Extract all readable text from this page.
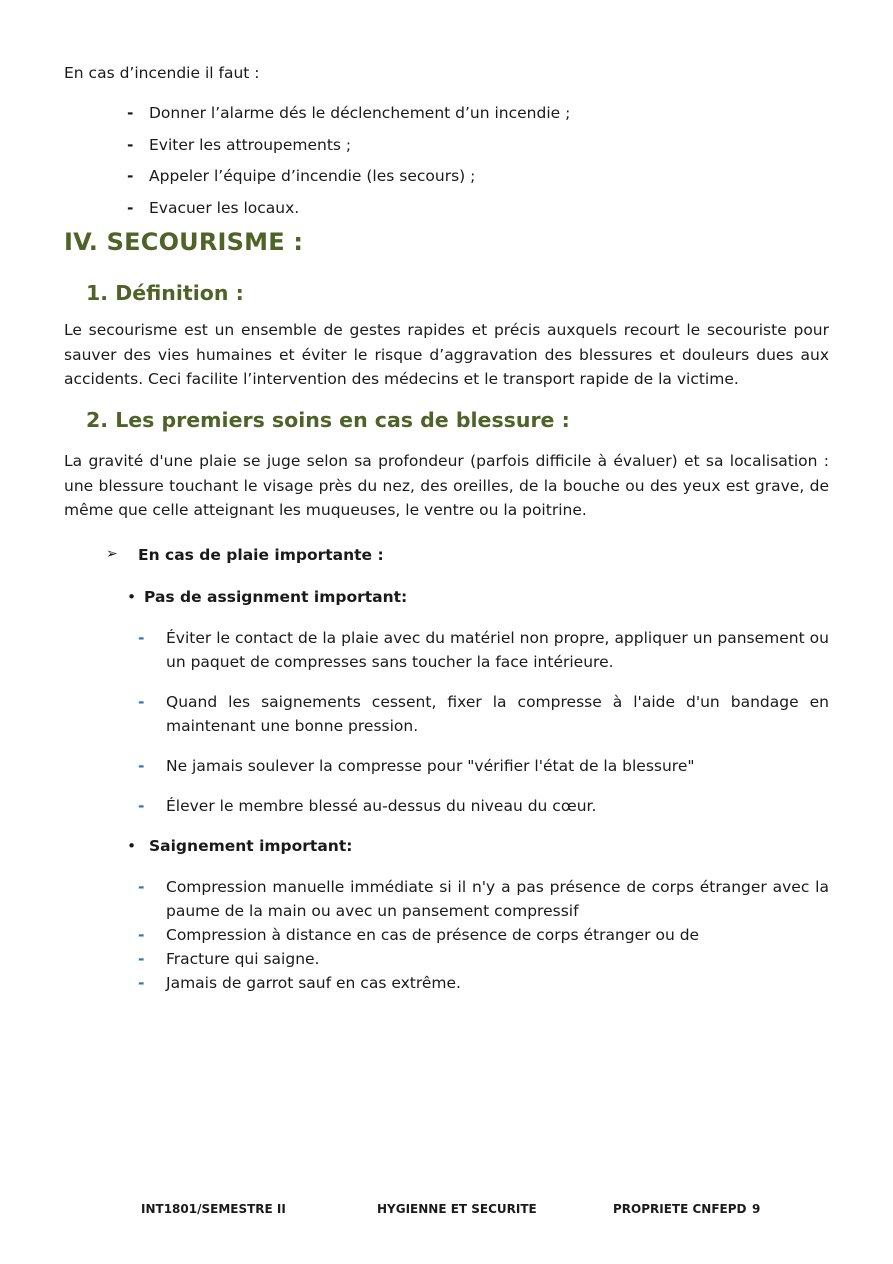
En cas d’incendie il faut :
-	Donner l’alarme dés le déclenchement d’un incendie ;
-	Eviter les attroupements ;
-	Appeler l’équipe d’incendie (les secours) ;
-	Evacuer les locaux.
IV. SECOURISME :
1. Définition :

Le secourisme est un ensemble de gestes rapides et précis auxquels recourt le secouriste pour sauver des vies humaines et éviter le risque d’aggravation des blessures et douleurs dues aux accidents. Ceci facilite l’intervention des médecins et le transport rapide de la victime.

2. Les premiers soins en cas de blessure :

La gravité d'une plaie se juge selon sa profondeur (parfois difficile à évaluer) et sa localisation : une blessure touchant le visage près du nez, des oreilles, de la bouche ou des yeux est grave, de même que celle atteignant les muqueuses, le ventre ou la poitrine.

➢	En cas de plaie importante :
• Pas de assignment important:
-	Éviter le contact de la plaie avec du matériel non propre, appliquer un pansement ou un paquet de compresses sans toucher la face intérieure.
-	Quand les saignements cessent, fixer la compresse à l'aide d'un bandage en maintenant une bonne pression.
-	Ne jamais soulever la compresse pour "vérifier l'état de la blessure"
-	Élever le membre blessé au-dessus du niveau du cœur.
• Saignement important:
-	Compression manuelle immédiate si il n'y a pas présence de corps étranger avec la paume de la main ou avec un pansement compressif
-	Compression à distance en cas de présence de corps étranger ou de
-	Fracture qui saigne.
-	Jamais de garrot sauf en cas extrême.
INT1801/SEMESTRE II	HYGIENNE ET SECURITE	PROPRIETE CNFEPD 9
